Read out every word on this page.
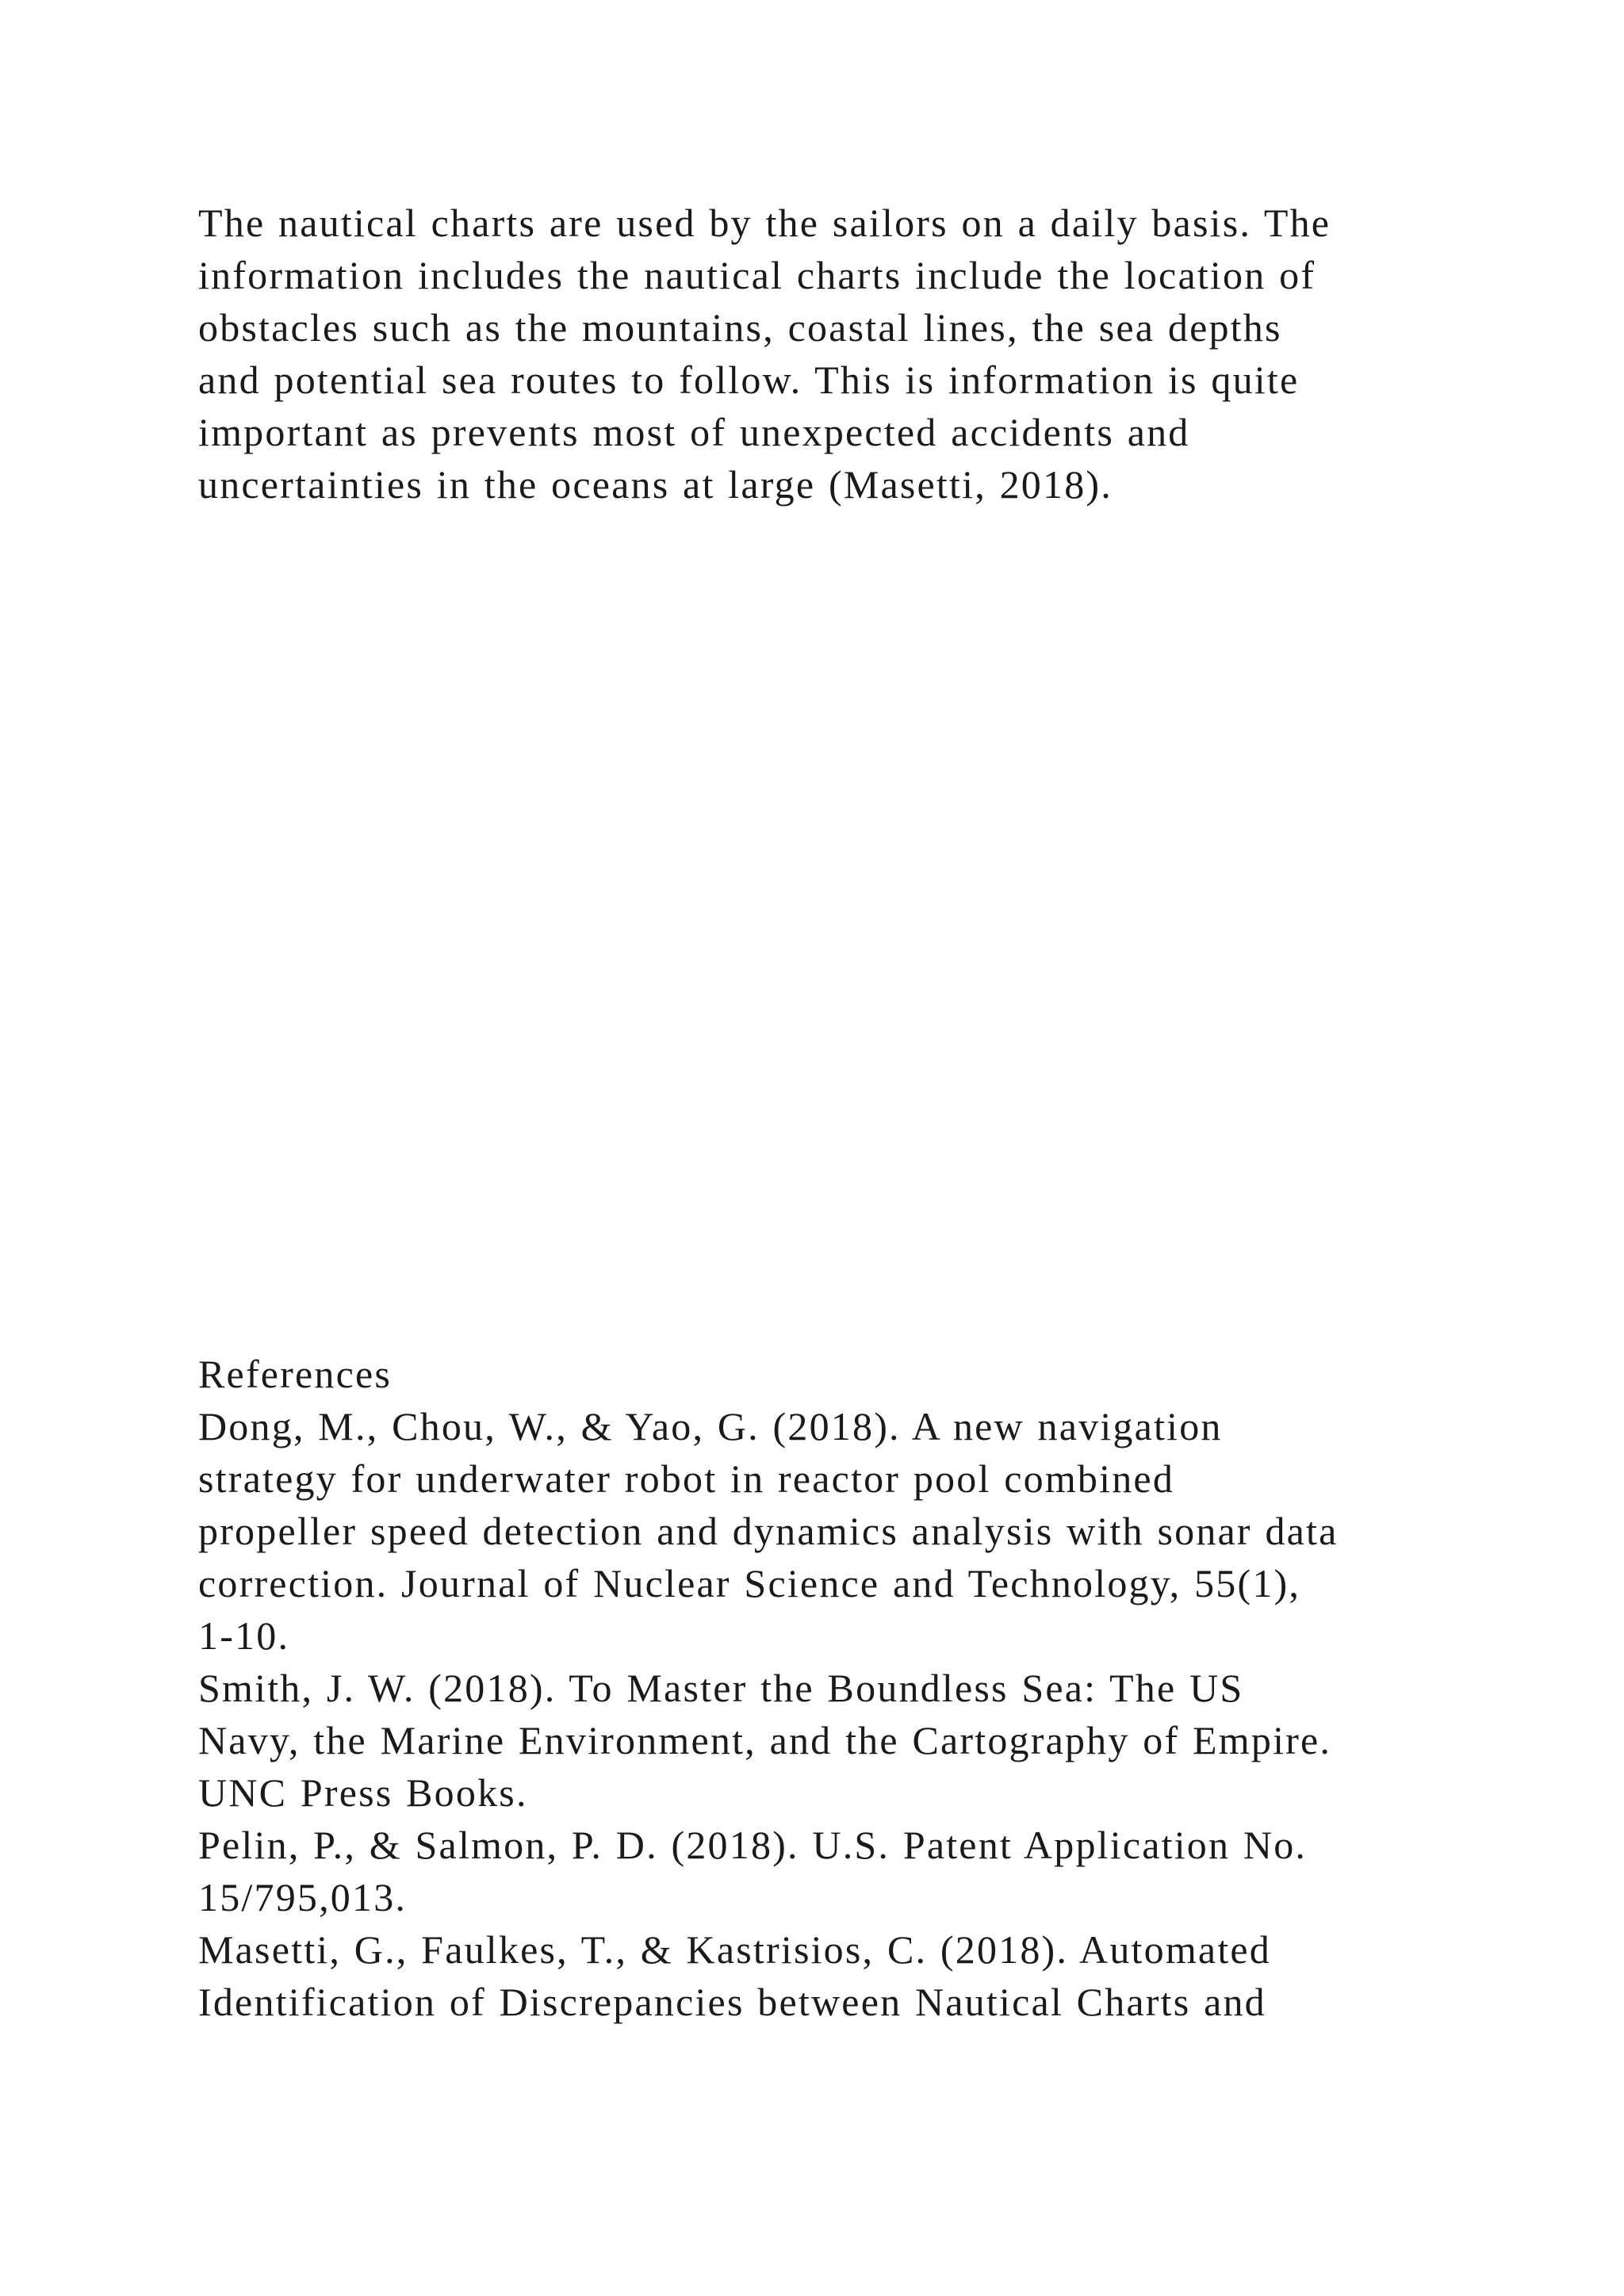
The nautical charts are used by the sailors on a daily basis. The
information includes the nautical charts include the location of
obstacles such as the mountains, coastal lines, the sea depths
and potential sea routes to follow. This is information is quite
important as prevents most of unexpected accidents and
uncertainties in the oceans at large (Masetti, 2018).
References
Dong, M., Chou, W., & Yao, G. (2018). A new navigation
strategy for underwater robot in reactor pool combined
propeller speed detection and dynamics analysis with sonar data
correction. Journal of Nuclear Science and Technology, 55(1),
1-10.
Smith, J. W. (2018). To Master the Boundless Sea: The US
Navy, the Marine Environment, and the Cartography of Empire.
UNC Press Books.
Pelin, P., & Salmon, P. D. (2018). U.S. Patent Application No.
15/795,013.
Masetti, G., Faulkes, T., & Kastrisios, C. (2018). Automated
Identification of Discrepancies between Nautical Charts and
